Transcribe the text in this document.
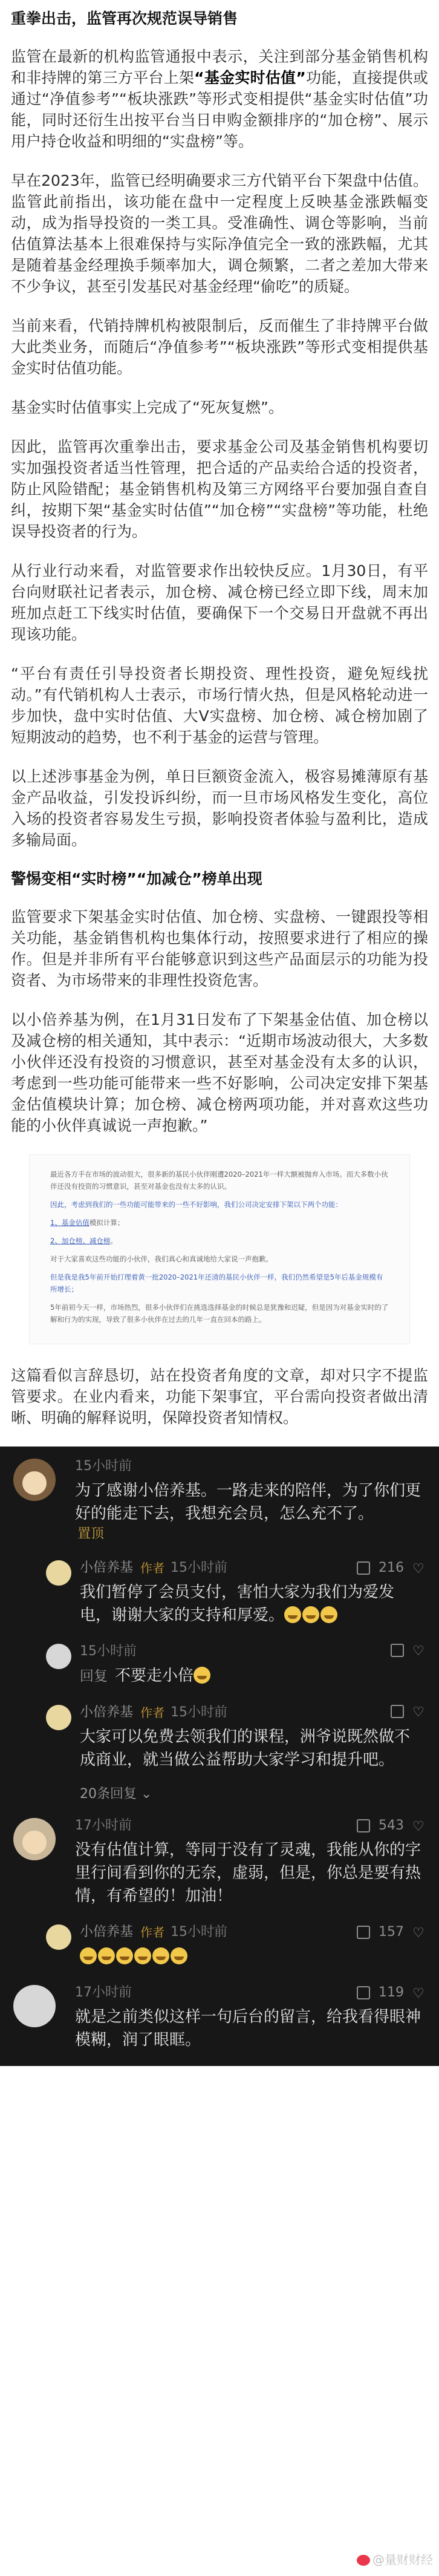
重拳出击，监管再次规范误导销售

监管在最新的机构监管通报中表示，关注到部分基金销售机构和非持牌的第三方平台上架“基金实时估值”功能，直接提供或通过“净值参考”“板块涨跌”等形式变相提供“基金实时估值”功能，同时还衍生出按平台当日申购金额排序的“加仓榜”、展示用户持仓收益和明细的“实盘榜”等。

早在2023年，监管已经明确要求三方代销平台下架盘中估值。监管此前指出，该功能在盘中一定程度上反映基金涨跌幅变动，成为指导投资的一类工具。受准确性、调仓等影响，当前估值算法基本上很难保持与实际净值完全一致的涨跌幅，尤其是随着基金经理换手频率加大，调仓频繁，二者之差加大带来不少争议，甚至引发基民对基金经理“偷吃”的质疑。

当前来看，代销持牌机构被限制后，反而催生了非持牌平台做大此类业务，而随后“净值参考”“板块涨跌”等形式变相提供基金实时估值功能。

基金实时估值事实上完成了“死灰复燃”。

因此，监管再次重拳出击，要求基金公司及基金销售机构要切实加强投资者适当性管理，把合适的产品卖给合适的投资者，防止风险错配；基金销售机构及第三方网络平台要加强自查自纠，按期下架“基金实时估值”“加仓榜”“实盘榜”等功能，杜绝误导投资者的行为。

从行业行动来看，对监管要求作出较快反应。1月30日，有平台向财联社记者表示，加仓榜、减仓榜已经立即下线，周末加班加点赶工下线实时估值，要确保下一个交易日开盘就不再出现该功能。

“平台有责任引导投资者长期投资、理性投资，避免短线扰动。”有代销机构人士表示，市场行情火热，但是风格轮动进一步加快，盘中实时估值、大V实盘榜、加仓榜、减仓榜加剧了短期波动的趋势，也不利于基金的运营与管理。

以上述涉事基金为例，单日巨额资金流入，极容易摊薄原有基金产品收益，引发投诉纠纷，而一旦市场风格发生变化，高位入场的投资者容易发生亏损，影响投资者体验与盈利比，造成多输局面。

警惕变相“实时榜”“加减仓”榜单出现

监管要求下架基金实时估值、加仓榜、实盘榜、一键跟投等相关功能，基金销售机构也集体行动，按照要求进行了相应的操作。但是并非所有平台能够意识到这些产品面层示的功能为投资者、为市场带来的非理性投资危害。

以小倍养基为例，在1月31日发布了下架基金估值、加仓榜以及减仓榜的相关通知，其中表示：“近期市场波动很大，大多数小伙伴还没有投资的习惯意识，甚至对基金没有太多的认识，考虑到一些功能可能带来一些不好影响，公司决定安排下架基金估值模块计算；加仓榜、减仓榜两项功能，并对喜欢这些功能的小伙伴真诚说一声抱歉。”

最近各方手在市场的波动很大，很多新的基民小伙伴刚遭2020–2021年一样大额被抛弃入市场。而大多数小伙伴还没有投资的习惯意识，甚至对基金也没有太多的认识。

因此，考虑到我们的一些功能可能带来的一些不好影响，我们公司决定安排下架以下两个功能：

1、基金估值模拟计算；

2、加仓榜、减仓榜。

对于大家喜欢这些功能的小伙伴，我们真心和真诚地给大家说一声抱歉。

但是我是我5年前开始打理着黄一批2020–2021年还清的基民小伙伴一样，我们仍然希望是5年后基金规模有所增长；

5年前初今天一样，市场热烈，很多小伙伴们在挑选选择基金的时候总是犹豫和迟疑，但是因为对基金实时的了解和行为的实现，导致了很多小伙伴在过去的几年一直在回本的路上。

这篇看似言辞恳切，站在投资者角度的文章，却对只字不提监管要求。在业内看来，功能下架事宜，平台需向投资者做出清晰、明确的解释说明，保障投资者知情权。

15小时前
为了感谢小倍养基。一路走来的陪伴，为了你们更好的能走下去，我想充会员，怎么充不了。
置顶
小倍养基 作者 15小时前	216 ♡
我们暂停了会员支付，害怕大家为我们为爱发电，谢谢大家的支持和厚爱。
15小时前	♡
回复 不要走小倍
小倍养基 作者 15小时前	♡
大家可以免费去领我们的课程，洲爷说既然做不成商业，就当做公益帮助大家学习和提升吧。
20条回复 ⌄
17小时前	543 ♡
没有估值计算，等同于没有了灵魂，我能从你的字里行间看到你的无奈，虚弱，但是，你总是要有热情，有希望的！加油！
小倍养基 作者 15小时前	157 ♡
17小时前	119 ♡
就是之前类似这样一句后台的留言，给我看得眼神模糊，润了眼眶。
@量财财经
